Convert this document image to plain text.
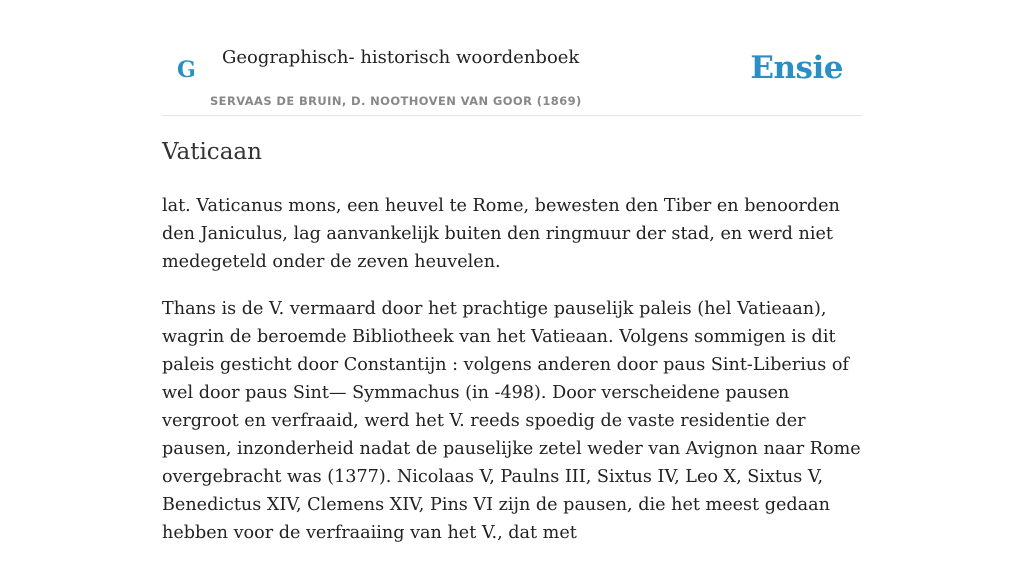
G Geographisch- historisch woordenboek
SERVAAS DE BRUIN, D. NOOTHOVEN VAN GOOR (1869)
Ensie
Vaticaan

lat. Vaticanus mons, een heuvel te Rome, bewesten den Tiber en benoorden den Janiculus, lag aanvankelijk buiten den ringmuur der stad, en werd niet medegeteld onder de zeven heuvelen.

Thans is de V. vermaard door het prachtige pauselijk paleis (hel Vatieaan), wagrin de beroemde Bibliotheek van het Vatieaan. Volgens sommigen is dit paleis gesticht door Constantijn : volgens anderen door paus Sint-Liberius of wel door paus Sint— Symmachus (in -498). Door verscheidene pausen vergroot en verfraaid, werd het V. reeds spoedig de vaste residentie der pausen, inzonderheid nadat de pauselijke zetel weder van Avignon naar Rome overgebracht was (1377). Nicolaas V, Paulns III, Sixtus IV, Leo X, Sixtus V, Benedictus XIV, Clemens XIV, Pins VI zijn de pausen, die het meest gedaan hebben voor de verfraaiing van het V., dat met
